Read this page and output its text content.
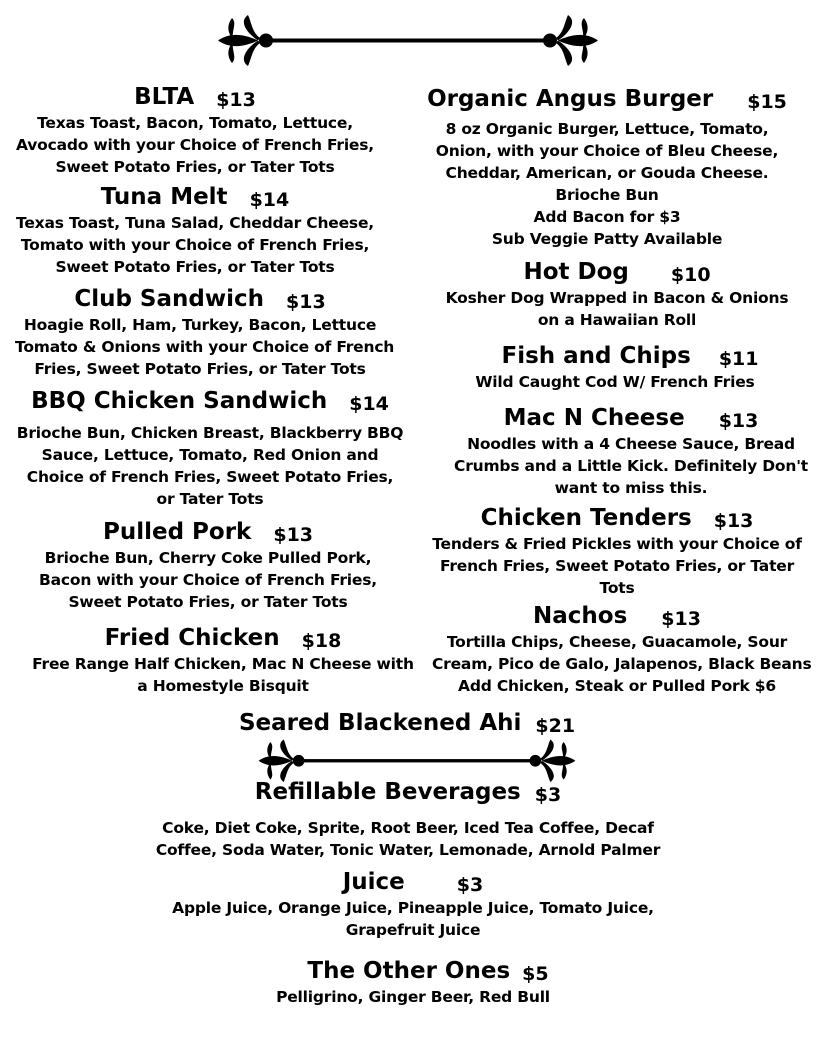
BLTA $13
Texas Toast, Bacon, Tomato, Lettuce,
Avocado with your Choice of French Fries,
Sweet Potato Fries, or Tater Tots
Tuna Melt $14
Texas Toast, Tuna Salad, Cheddar Cheese,
Tomato with your Choice of French Fries,
Sweet Potato Fries, or Tater Tots
Club Sandwich $13
Hoagie Roll, Ham, Turkey, Bacon, Lettuce
Tomato & Onions with your Choice of French
Fries, Sweet Potato Fries, or Tater Tots
BBQ Chicken Sandwich $14
Brioche Bun, Chicken Breast, Blackberry BBQ
Sauce, Lettuce, Tomato, Red Onion and
Choice of French Fries, Sweet Potato Fries,
or Tater Tots
Pulled Pork $13
Brioche Bun, Cherry Coke Pulled Pork,
Bacon with your Choice of French Fries,
Sweet Potato Fries, or Tater Tots
Fried Chicken $18
Free Range Half Chicken, Mac N Cheese with
a Homestyle Bisquit
Organic Angus Burger $15
8 oz Organic Burger, Lettuce, Tomato,
Onion, with your Choice of Bleu Cheese,
Cheddar, American, or Gouda Cheese.
Brioche Bun
Add Bacon for $3
Sub Veggie Patty Available
Hot Dog $10
Kosher Dog Wrapped in Bacon & Onions
on a Hawaiian Roll
Fish and Chips $11
Wild Caught Cod W/ French Fries
Mac N Cheese $13
Noodles with a 4 Cheese Sauce, Bread
Crumbs and a Little Kick. Definitely Don't
want to miss this.
Chicken Tenders $13
Tenders & Fried Pickles with your Choice of
French Fries, Sweet Potato Fries, or Tater
Tots
Nachos $13
Tortilla Chips, Cheese, Guacamole, Sour
Cream, Pico de Galo, Jalapenos, Black Beans
Add Chicken, Steak or Pulled Pork $6
Seared Blackened Ahi $21
Refillable Beverages $3
Coke, Diet Coke, Sprite, Root Beer, Iced Tea Coffee, Decaf
Coffee, Soda Water, Tonic Water, Lemonade, Arnold Palmer
Juice	$3
Apple Juice, Orange Juice, Pineapple Juice, Tomato Juice,
Grapefruit Juice
The Other Ones $5
Pelligrino, Ginger Beer, Red Bull
